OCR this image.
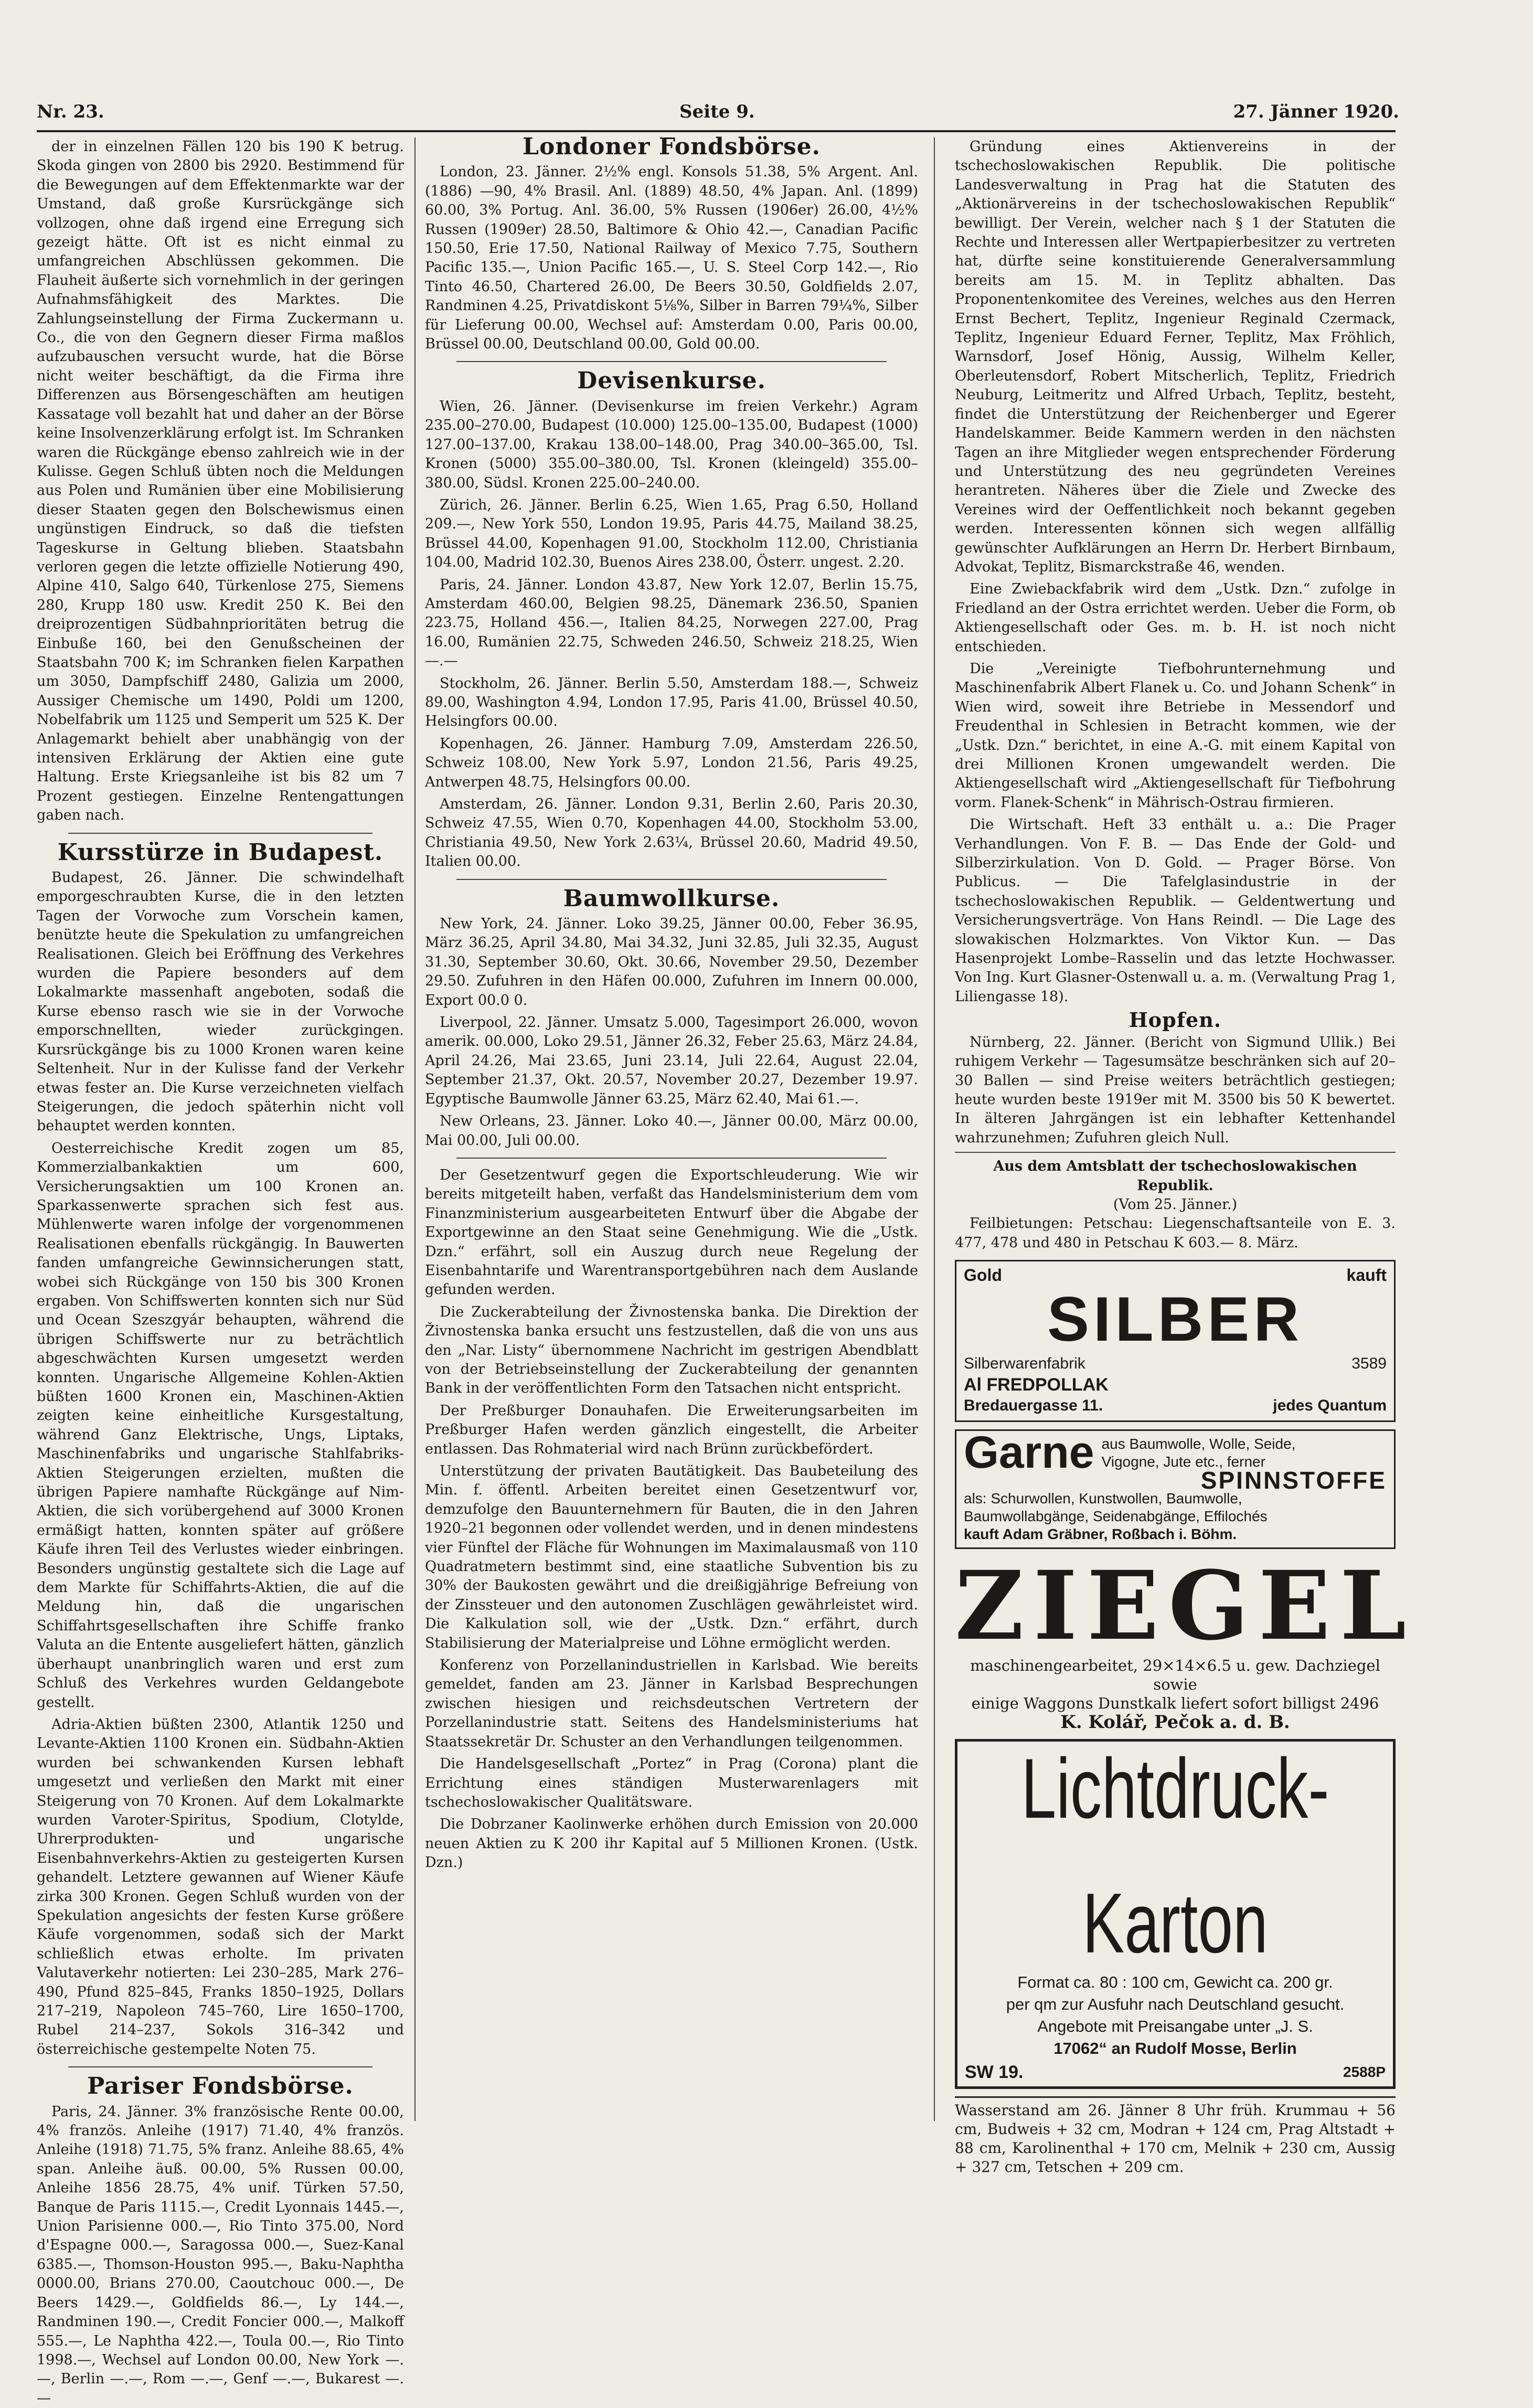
Nr. 23.	Seite 9.	27. Jänner 1920.

der in einzelnen Fällen 120 bis 190 K betrug. Skoda gingen von 2800 bis 2920. Bestimmend für die Bewegungen auf dem Effektenmarkte war der Umstand, daß große Kursrückgänge sich vollzogen, ohne daß irgend eine Erregung sich gezeigt hätte. Oft ist es nicht einmal zu umfangreichen Abschlüssen gekommen. Die Flauheit äußerte sich vornehmlich in der geringen Aufnahmsfähigkeit des Marktes. Die Zahlungseinstellung der Firma Zuckermann u. Co., die von den Gegnern dieser Firma maßlos aufzubauschen versucht wurde, hat die Börse nicht weiter beschäftigt, da die Firma ihre Differenzen aus Börsengeschäften am heutigen Kassatage voll bezahlt hat und daher an der Börse keine Insolvenzerklärung erfolgt ist. Im Schranken waren die Rückgänge ebenso zahlreich wie in der Kulisse. Gegen Schluß übten noch die Meldungen aus Polen und Rumänien über eine Mobilisierung dieser Staaten gegen den Bolschewismus einen ungünstigen Eindruck, so daß die tiefsten Tageskurse in Geltung blieben. Staatsbahn verloren gegen die letzte offizielle Notierung 490, Alpine 410, Salgo 640, Türkenlose 275, Siemens 280, Krupp 180 usw. Kredit 250 K. Bei den dreiprozentigen Südbahnprioritäten betrug die Einbuße 160, bei den Genußscheinen der Staatsbahn 700 K; im Schranken fielen Karpathen um 3050, Dampfschiff 2480, Galizia um 2000, Aussiger Chemische um 1490, Poldi um 1200, Nobelfabrik um 1125 und Semperit um 525 K. Der Anlagemarkt behielt aber unabhängig von der intensiven Erklärung der Aktien eine gute Haltung. Erste Kriegsanleihe ist bis 82 um 7 Prozent gestiegen. Einzelne Rentengattungen gaben nach.

Kursstürze in Budapest.

Budapest, 26. Jänner. Die schwindelhaft emporgeschraubten Kurse, die in den letzten Tagen der Vorwoche zum Vorschein kamen, benützte heute die Spekulation zu umfangreichen Realisationen. Gleich bei Eröffnung des Verkehres wurden die Papiere besonders auf dem Lokalmarkte massenhaft angeboten, sodaß die Kurse ebenso rasch wie sie in der Vorwoche emporschnellten, wieder zurückgingen. Kursrückgänge bis zu 1000 Kronen waren keine Seltenheit. Nur in der Kulisse fand der Verkehr etwas fester an. Die Kurse verzeichneten vielfach Steigerungen, die jedoch späterhin nicht voll behauptet werden konnten.

Oesterreichische Kredit zogen um 85, Kommerzialbankaktien um 600, Versicherungsaktien um 100 Kronen an. Sparkassenwerte sprachen sich fest aus. Mühlenwerte waren infolge der vorgenommenen Realisationen ebenfalls rückgängig. In Bauwerten fanden umfangreiche Gewinnsicherungen statt, wobei sich Rückgänge von 150 bis 300 Kronen ergaben. Von Schiffswerten konnten sich nur Süd und Ocean Szeszgyár behaupten, während die übrigen Schiffswerte nur zu beträchtlich abgeschwächten Kursen umgesetzt werden konnten. Ungarische Allgemeine Kohlen-Aktien büßten 1600 Kronen ein, Maschinen-Aktien zeigten keine einheitliche Kursgestaltung, während Ganz Elektrische, Ungs, Liptaks, Maschinenfabriks und ungarische Stahlfabriks-Aktien Steigerungen erzielten, mußten die übrigen Papiere namhafte Rückgänge auf Nim-Aktien, die sich vorübergehend auf 3000 Kronen ermäßigt hatten, konnten später auf größere Käufe ihren Teil des Verlustes wieder einbringen. Besonders ungünstig gestaltete sich die Lage auf dem Markte für Schiffahrts-Aktien, die auf die Meldung hin, daß die ungarischen Schiffahrtsgesellschaften ihre Schiffe franko Valuta an die Entente ausgeliefert hätten, gänzlich überhaupt unanbringlich waren und erst zum Schluß des Verkehres wurden Geldangebote gestellt.

Adria-Aktien büßten 2300, Atlantik 1250 und Levante-Aktien 1100 Kronen ein. Südbahn-Aktien wurden bei schwankenden Kursen lebhaft umgesetzt und verließen den Markt mit einer Steigerung von 70 Kronen. Auf dem Lokalmarkte wurden Varoter-Spiritus, Spodium, Clotylde, Uhrerprodukten- und ungarische Eisenbahnverkehrs-Aktien zu gesteigerten Kursen gehandelt. Letztere gewannen auf Wiener Käufe zirka 300 Kronen. Gegen Schluß wurden von der Spekulation angesichts der festen Kurse größere Käufe vorgenommen, sodaß sich der Markt schließlich etwas erholte. Im privaten Valutaverkehr notierten: Lei 230–285, Mark 276–490, Pfund 825–845, Franks 1850–1925, Dollars 217–219, Napoleon 745–760, Lire 1650–1700, Rubel 214–237, Sokols 316–342 und österreichische gestempelte Noten 75.

Pariser Fondsbörse.

Paris, 24. Jänner. 3% französische Rente 00.00, 4% französ. Anleihe (1917) 71.40, 4% französ. Anleihe (1918) 71.75, 5% franz. Anleihe 88.65, 4% span. Anleihe äuß. 00.00, 5% Russen 00.00, Anleihe 1856 28.75, 4% unif. Türken 57.50, Banque de Paris 1115.—, Credit Lyonnais 1445.—, Union Parisienne 000.—, Rio Tinto 375.00, Nord d'Espagne 000.—, Saragossa 000.—, Suez-Kanal 6385.—, Thomson-Houston 995.—, Baku-Naphtha 0000.00, Brians 270.00, Caoutchouc 000.—, De Beers 1429.—, Goldfields 86.—, Ly 144.—, Randminen 190.—, Credit Foncier 000.—, Malkoff 555.—, Le Naphtha 422.—, Toula 00.—, Rio Tinto 1998.—, Wechsel auf London 00.00, New York —.—, Berlin —.—, Rom —.—, Genf —.—, Bukarest —.—

Londoner Fondsbörse.

London, 23. Jänner. 2½% engl. Konsols 51.38, 5% Argent. Anl. (1886) —90, 4% Brasil. Anl. (1889) 48.50, 4% Japan. Anl. (1899) 60.00, 3% Portug. Anl. 36.00, 5% Russen (1906er) 26.00, 4½% Russen (1909er) 28.50, Baltimore & Ohio 42.—, Canadian Pacific 150.50, Erie 17.50, National Railway of Mexico 7.75, Southern Pacific 135.—, Union Pacific 165.—, U. S. Steel Corp 142.—, Rio Tinto 46.50, Chartered 26.00, De Beers 30.50, Goldfields 2.07, Randminen 4.25, Privatdiskont 5⅛%, Silber in Barren 79¼%, Silber für Lieferung 00.00, Wechsel auf: Amsterdam 0.00, Paris 00.00, Brüssel 00.00, Deutschland 00.00, Gold 00.00.

Devisenkurse.

Wien, 26. Jänner. (Devisenkurse im freien Verkehr.) Agram 235.00–270.00, Budapest (10.000) 125.00–135.00, Budapest (1000) 127.00–137.00, Krakau 138.00–148.00, Prag 340.00–365.00, Tsl. Kronen (5000) 355.00–380.00, Tsl. Kronen (kleingeld) 355.00–380.00, Südsl. Kronen 225.00–240.00.

Zürich, 26. Jänner. Berlin 6.25, Wien 1.65, Prag 6.50, Holland 209.—, New York 550, London 19.95, Paris 44.75, Mailand 38.25, Brüssel 44.00, Kopenhagen 91.00, Stockholm 112.00, Christiania 104.00, Madrid 102.30, Buenos Aires 238.00, Österr. ungest. 2.20.

Paris, 24. Jänner. London 43.87, New York 12.07, Berlin 15.75, Amsterdam 460.00, Belgien 98.25, Dänemark 236.50, Spanien 223.75, Holland 456.—, Italien 84.25, Norwegen 227.00, Prag 16.00, Rumänien 22.75, Schweden 246.50, Schweiz 218.25, Wien —.—

Stockholm, 26. Jänner. Berlin 5.50, Amsterdam 188.—, Schweiz 89.00, Washington 4.94, London 17.95, Paris 41.00, Brüssel 40.50, Helsingfors 00.00.

Kopenhagen, 26. Jänner. Hamburg 7.09, Amsterdam 226.50, Schweiz 108.00, New York 5.97, London 21.56, Paris 49.25, Antwerpen 48.75, Helsingfors 00.00.

Amsterdam, 26. Jänner. London 9.31, Berlin 2.60, Paris 20.30, Schweiz 47.55, Wien 0.70, Kopenhagen 44.00, Stockholm 53.00, Christiania 49.50, New York 2.63¼, Brüssel 20.60, Madrid 49.50, Italien 00.00.

Baumwollkurse.

New York, 24. Jänner. Loko 39.25, Jänner 00.00, Feber 36.95, März 36.25, April 34.80, Mai 34.32, Juni 32.85, Juli 32.35, August 31.30, September 30.60, Okt. 30.66, November 29.50, Dezember 29.50. Zufuhren in den Häfen 00.000, Zufuhren im Innern 00.000, Export 00.0 0.

Liverpool, 22. Jänner. Umsatz 5.000, Tagesimport 26.000, wovon amerik. 00.000, Loko 29.51, Jänner 26.32, Feber 25.63, März 24.84, April 24.26, Mai 23.65, Juni 23.14, Juli 22.64, August 22.04, September 21.37, Okt. 20.57, November 20.27, Dezember 19.97. Egyptische Baumwolle Jänner 63.25, März 62.40, Mai 61.—.

New Orleans, 23. Jänner. Loko 40.—, Jänner 00.00, März 00.00, Mai 00.00, Juli 00.00.

Der Gesetzentwurf gegen die Exportschleuderung. Wie wir bereits mitgeteilt haben, verfaßt das Handelsministerium dem vom Finanzministerium ausgearbeiteten Entwurf über die Abgabe der Exportgewinne an den Staat seine Genehmigung. Wie die „Ustk. Dzn.“ erfährt, soll ein Auszug durch neue Regelung der Eisenbahntarife und Warentransportgebühren nach dem Auslande gefunden werden.

Die Zuckerabteilung der Živnostenska banka. Die Direktion der Živnostenska banka ersucht uns festzustellen, daß die von uns aus den „Nar. Listy“ übernommene Nachricht im gestrigen Abendblatt von der Betriebseinstellung der Zuckerabteilung der genannten Bank in der veröffentlichten Form den Tatsachen nicht entspricht.

Der Preßburger Donauhafen. Die Erweiterungsarbeiten im Preßburger Hafen werden gänzlich eingestellt, die Arbeiter entlassen. Das Rohmaterial wird nach Brünn zurückbefördert.

Unterstützung der privaten Bautätigkeit. Das Baubeteilung des Min. f. öffentl. Arbeiten bereitet einen Gesetzentwurf vor, demzufolge den Bauunternehmern für Bauten, die in den Jahren 1920–21 begonnen oder vollendet werden, und in denen mindestens vier Fünftel der Fläche für Wohnungen im Maximalausmaß von 110 Quadratmetern bestimmt sind, eine staatliche Subvention bis zu 30% der Baukosten gewährt und die dreißigjährige Befreiung von der Zinssteuer und den autonomen Zuschlägen gewährleistet wird. Die Kalkulation soll, wie der „Ustk. Dzn.“ erfährt, durch Stabilisierung der Materialpreise und Löhne ermöglicht werden.

Konferenz von Porzellanindustriellen in Karlsbad. Wie bereits gemeldet, fanden am 23. Jänner in Karlsbad Besprechungen zwischen hiesigen und reichsdeutschen Vertretern der Porzellanindustrie statt. Seitens des Handelsministeriums hat Staatssekretär Dr. Schuster an den Verhandlungen teilgenommen.

Die Handelsgesellschaft „Portez“ in Prag (Corona) plant die Errichtung eines ständigen Musterwarenlagers mit tschechoslowakischer Qualitätsware.

Die Dobrzaner Kaolinwerke erhöhen durch Emission von 20.000 neuen Aktien zu K 200 ihr Kapital auf 5 Millionen Kronen. (Ustk. Dzn.)

Gründung eines Aktienvereins in der tschechoslowakischen Republik. Die politische Landesverwaltung in Prag hat die Statuten des „Aktionärvereins in der tschechoslowakischen Republik“ bewilligt. Der Verein, welcher nach § 1 der Statuten die Rechte und Interessen aller Wertpapierbesitzer zu vertreten hat, dürfte seine konstituierende Generalversammlung bereits am 15. M. in Teplitz abhalten. Das Proponentenkomitee des Vereines, welches aus den Herren Ernst Bechert, Teplitz, Ingenieur Reginald Czermack, Teplitz, Ingenieur Eduard Ferner, Teplitz, Max Fröhlich, Warnsdorf, Josef Hönig, Aussig, Wilhelm Keller, Oberleutensdorf, Robert Mitscherlich, Teplitz, Friedrich Neuburg, Leitmeritz und Alfred Urbach, Teplitz, besteht, findet die Unterstützung der Reichenberger und Egerer Handelskammer. Beide Kammern werden in den nächsten Tagen an ihre Mitglieder wegen entsprechender Förderung und Unterstützung des neu gegründeten Vereines herantreten. Näheres über die Ziele und Zwecke des Vereines wird der Oeffentlichkeit noch bekannt gegeben werden. Interessenten können sich wegen allfällig gewünschter Aufklärungen an Herrn Dr. Herbert Birnbaum, Advokat, Teplitz, Bismarckstraße 46, wenden.

Eine Zwiebackfabrik wird dem „Ustk. Dzn.“ zufolge in Friedland an der Ostra errichtet werden. Ueber die Form, ob Aktiengesellschaft oder Ges. m. b. H. ist noch nicht entschieden.

Die „Vereinigte Tiefbohrunternehmung und Maschinenfabrik Albert Flanek u. Co. und Johann Schenk“ in Wien wird, soweit ihre Betriebe in Messendorf und Freudenthal in Schlesien in Betracht kommen, wie der „Ustk. Dzn.“ berichtet, in eine A.-G. mit einem Kapital von drei Millionen Kronen umgewandelt werden. Die Aktiengesellschaft wird „Aktiengesellschaft für Tiefbohrung vorm. Flanek-Schenk“ in Mährisch-Ostrau firmieren.

Die Wirtschaft. Heft 33 enthält u. a.: Die Prager Verhandlungen. Von F. B. — Das Ende der Gold- und Silberzirkulation. Von D. Gold. — Prager Börse. Von Publicus. — Die Tafelglasindustrie in der tschechoslowakischen Republik. — Geldentwertung und Versicherungsverträge. Von Hans Reindl. — Die Lage des slowakischen Holzmarktes. Von Viktor Kun. — Das Hasenprojekt Lombe–Rasselin und das letzte Hochwasser. Von Ing. Kurt Glasner-Ostenwall u. a. m. (Verwaltung Prag 1, Liliengasse 18).

Hopfen.

Nürnberg, 22. Jänner. (Bericht von Sigmund Ullik.) Bei ruhigem Verkehr — Tagesumsätze beschränken sich auf 20–30 Ballen — sind Preise weiters beträchtlich gestiegen; heute wurden beste 1919er mit M. 3500 bis 50 K bewertet. In älteren Jahrgängen ist ein lebhafter Kettenhandel wahrzunehmen; Zufuhren gleich Null.

Aus dem Amtsblatt der tschechoslowakischen Republik.
(Vom 25. Jänner.)

Feilbietungen: Petschau: Liegenschaftsanteile von E. 3. 477, 478 und 480 in Petschau K 603.— 8. März.

Gold	kauft
SILBER
Silberwarenfabrik	3589
Al FREDPOLLAK
Bredauergasse 11.	jedes Quantum
Garne aus Baumwolle, Wolle, Seide,
Vigogne, Jute etc., ferner
SPINNSTOFFE
als: Schurwollen, Kunstwollen, Baumwolle,
Baumwollabgänge, Seidenabgänge, Effilochés
kauft Adam Gräbner, Roßbach i. Böhm.
ZIEGEL
maschinengearbeitet, 29×14×6.5 u. gew. Dachziegel sowie
einige Waggons Dunstkalk liefert sofort billigst 2496
K. Kolář, Pečok a. d. B.
Lichtdruck-Karton
Format ca. 80 : 100 cm, Gewicht ca. 200 gr.
per qm zur Ausfuhr nach Deutschland gesucht.
Angebote mit Preisangabe unter „J. S.
17062“ an Rudolf Mosse, Berlin
SW 19.	2588P
Wasserstand am 26. Jänner 8 Uhr früh. Krummau + 56 cm, Budweis + 32 cm, Modran + 124 cm, Prag Altstadt + 88 cm, Karolinenthal + 170 cm, Melnik + 230 cm, Aussig + 327 cm, Tetschen + 209 cm.
